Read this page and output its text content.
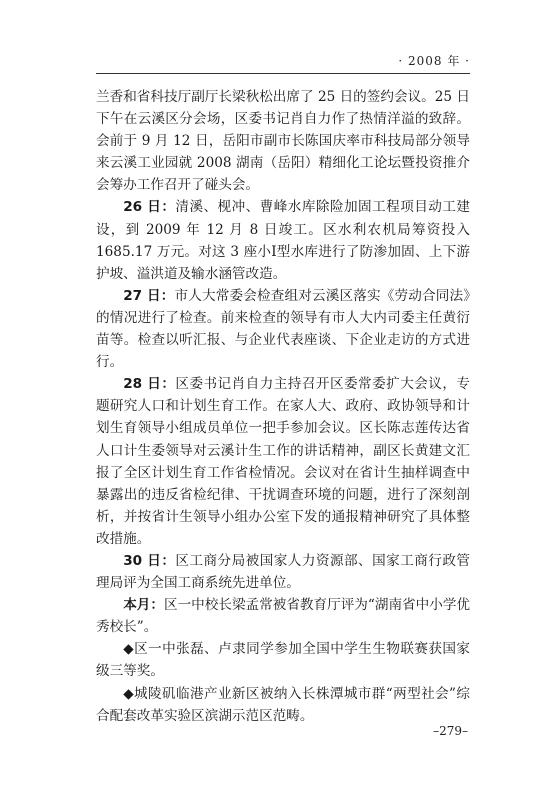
· 2008 年 ·

兰香和省科技厅副厅长梁秋松出席了 25 日的签约会议。25 日下午在云溪区分会场，区委书记肖自力作了热情洋溢的致辞。会前于 9 月 12 日，岳阳市副市长陈国庆率市科技局部分领导来云溪工业园就 2008 湖南（岳阳）精细化工论坛暨投资推介会筹办工作召开了碰头会。

26 日：清溪、枧冲、曹峰水库除险加固工程项目动工建设，到 2009 年 12 月 8 日竣工。区水利农机局筹资投入 1685.17 万元。对这 3 座小Ⅰ型水库进行了防渗加固、上下游护坡、溢洪道及输水涵管改造。

27 日：市人大常委会检查组对云溪区落实《劳动合同法》的情况进行了检查。前来检查的领导有市人大内司委主任黄衍苗等。检查以听汇报、与企业代表座谈、下企业走访的方式进行。

28 日：区委书记肖自力主持召开区委常委扩大会议，专题研究人口和计划生育工作。在家人大、政府、政协领导和计划生育领导小组成员单位一把手参加会议。区长陈志莲传达省人口计生委领导对云溪计生工作的讲话精神，副区长黄建文汇报了全区计划生育工作省检情况。会议对在省计生抽样调查中暴露出的违反省检纪律、干扰调查环境的问题，进行了深刻剖析，并按省计生领导小组办公室下发的通报精神研究了具体整改措施。

30 日：区工商分局被国家人力资源部、国家工商行政管理局评为全国工商系统先进单位。

本月：区一中校长梁孟常被省教育厅评为“湖南省中小学优秀校长”。

◆区一中张磊、卢隶同学参加全国中学生生物联赛获国家级三等奖。

◆城陵矶临港产业新区被纳入长株潭城市群“两型社会”综合配套改革实验区滨湖示范区范畴。

–279–
